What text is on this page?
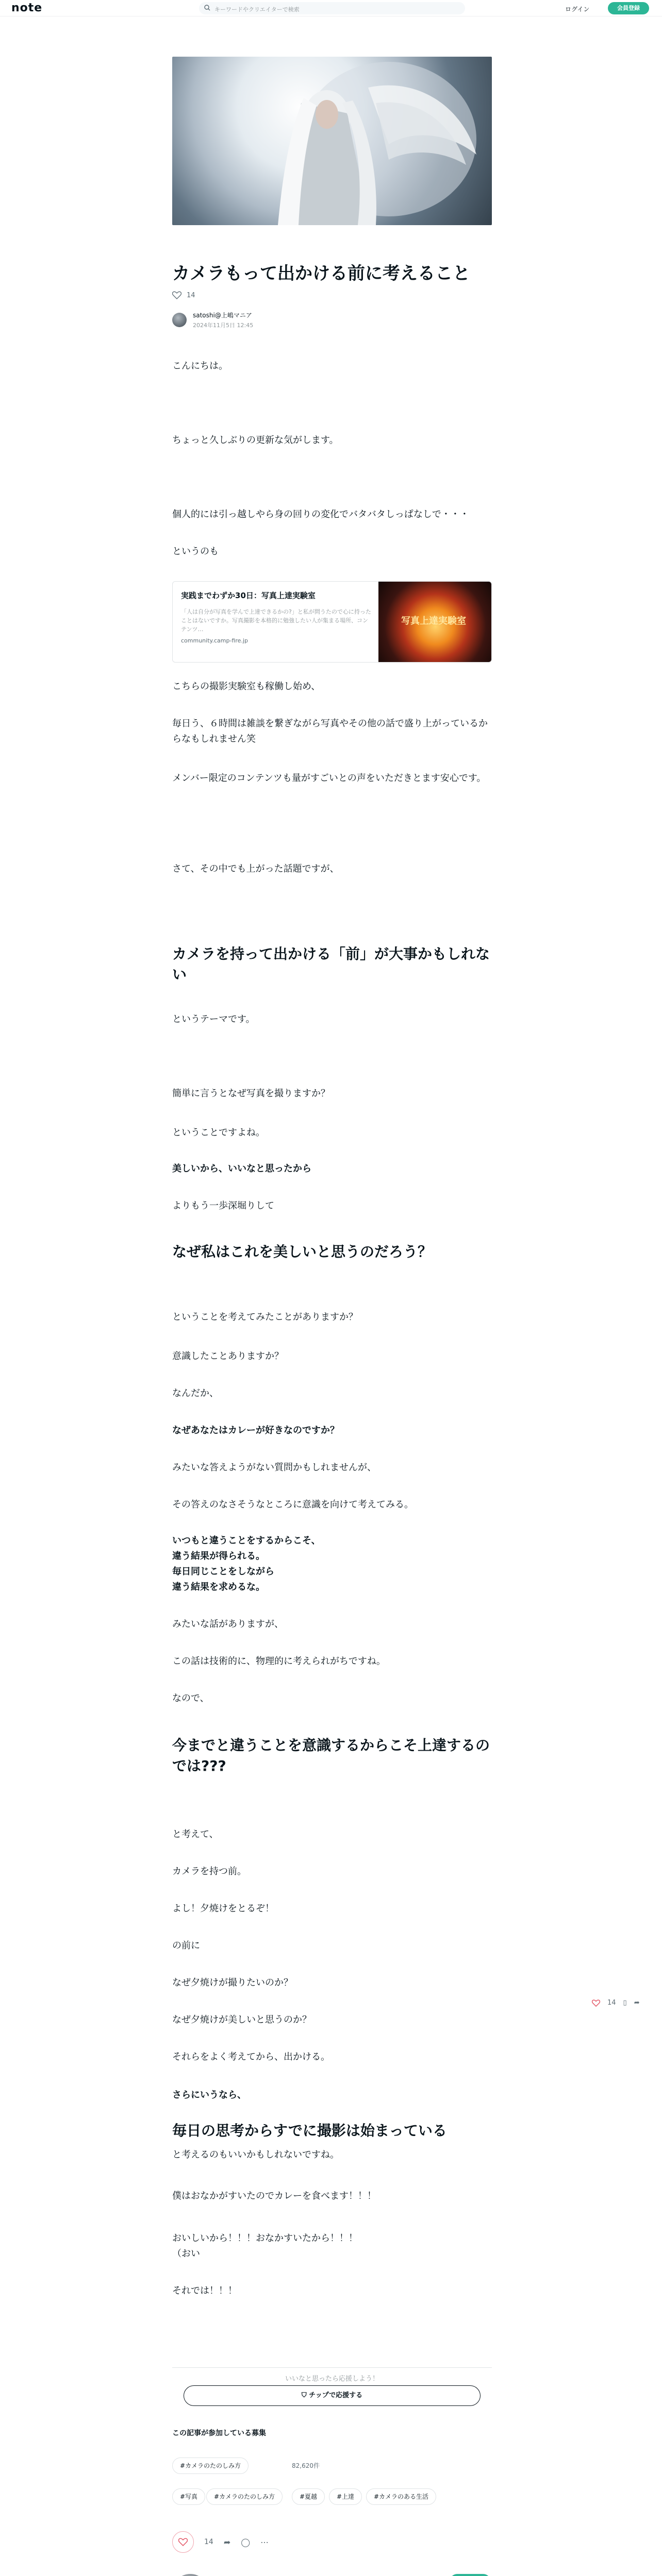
note	キーワードやクリエイターで検索	ログイン	会員登録
カメラもって出かける前に考えること
14
satoshi@上嶋マニア
2024年11月5日 12:45

こんにちは。

ちょっと久しぶりの更新な気がします。

個人的には引っ越しやら身の回りの変化でバタバタしっぱなしで・・・

というのも

実践までわずか30日：写真上達実験室
「人は自分が写真を学んで上達できるかの?」と私が問うたので心に持ったことはないですか。写真撮影を本格的に勉強したい人が集まる場所、コンテンツ…
community.camp-fire.jp
写真上達実験室

こちらの撮影実験室も稼働し始め、

毎日う、６時間は雑談を繋ぎながら写真やその他の話で盛り上がっているからなもしれません笑

メンバー限定のコンテンツも量がすごいとの声をいただきとます安心です。

さて、その中でも上がった話題ですが、

カメラを持って出かける「前」が大事かもしれない

というテーマです。

簡単に言うとなぜ写真を撮りますか？

ということですよね。

美しいから、いいなと思ったから

よりもう一歩深堀りして

なぜ私はこれを美しいと思うのだろう？

ということを考えてみたことがありますか？

意識したことありますか？

なんだか、

なぜあなたはカレーが好きなのですか？

みたいな答えようがない質問かもしれませんが、

その答えのなさそうなところに意識を向けて考えてみる。

いつもと違うことをするからこそ、

違う結果が得られる。

毎日同じことをしながら

違う結果を求めるな。

みたいな話がありますが、

この話は技術的に、物理的に考えられがちですね。

なので、

今までと違うことを意識するからこそ上達するのでは???

と考えて、

カメラを持つ前。

よし！夕焼けをとるぞ！

の前に

なぜ夕焼けが撮りたいのか？

なぜ夕焼けが美しいと思うのか？

それらをよく考えてから、出かける。

さらにいうなら、

毎日の思考からすでに撮影は始まっている

と考えるのもいいかもしれないですね。

僕はおなかがすいたのでカレーを食べます！！！

おいしいから！！！おなかすいたから！！！

（おい

それでは！！！

いいなと思ったら応援しよう！
⛉ チップで応援する
この記事が参加している募集
#カメラのたのしみ方	82,620件
#写真	#カメラのたのしみ方	#夏越	#上達	#カメラのある生活
14 ➦ ◯ ⋯
14 ▯ ➦
